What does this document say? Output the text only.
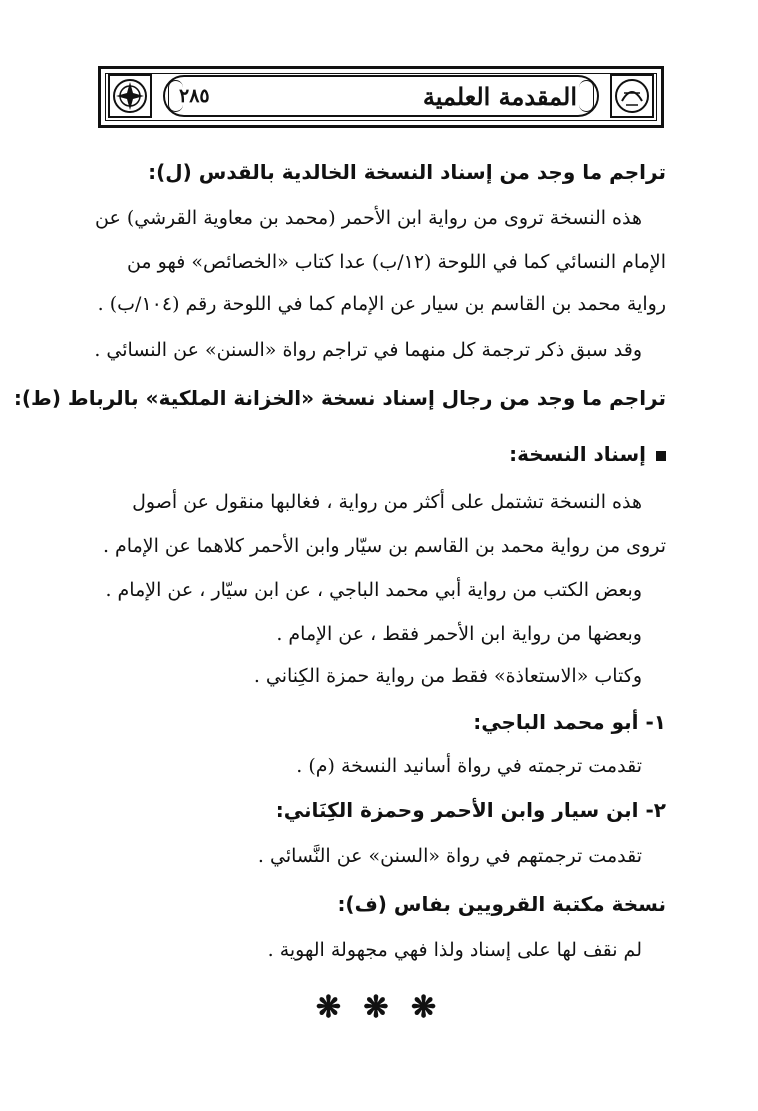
٢٨٥	المقدمة العلمية
تراجم ما وجد من إسناد النسخة الخالدية بالقدس (ل):
هذه النسخة تروى من رواية ابن الأحمر (محمد بن معاوية القرشي) عن
الإمام النسائي كما في اللوحة (١٢/ب) عدا كتاب «الخصائص» فهو من
رواية محمد بن القاسم بن سيار عن الإمام كما في اللوحة رقم (١٠٤/ب) .
وقد سبق ذكر ترجمة كل منهما في تراجم رواة «السنن» عن النسائي .
تراجم ما وجد من رجال إسناد نسخة «الخزانة الملكية» بالرباط (ط):
إسناد النسخة:
هذه النسخة تشتمل على أكثر من رواية ، فغالبها منقول عن أصول
تروى من رواية محمد بن القاسم بن سيّار وابن الأحمر كلاهما عن الإمام .
وبعض الكتب من رواية أبي محمد الباجي ، عن ابن سيّار ، عن الإمام .
وبعضها من رواية ابن الأحمر فقط ، عن الإمام .
وكتاب «الاستعاذة» فقط من رواية حمزة الكِناني .
١- أبو محمد الباجي:
تقدمت ترجمته في رواة أسانيد النسخة (م) .
٢- ابن سيار وابن الأحمر وحمزة الكِنَاني:
تقدمت ترجمتهم في رواة «السنن» عن النَّسائي .
نسخة مكتبة القرويين بفاس (ف):
لم نقف لها على إسناد ولذا فهي مجهولة الهوية .
❋ ❋ ❋
